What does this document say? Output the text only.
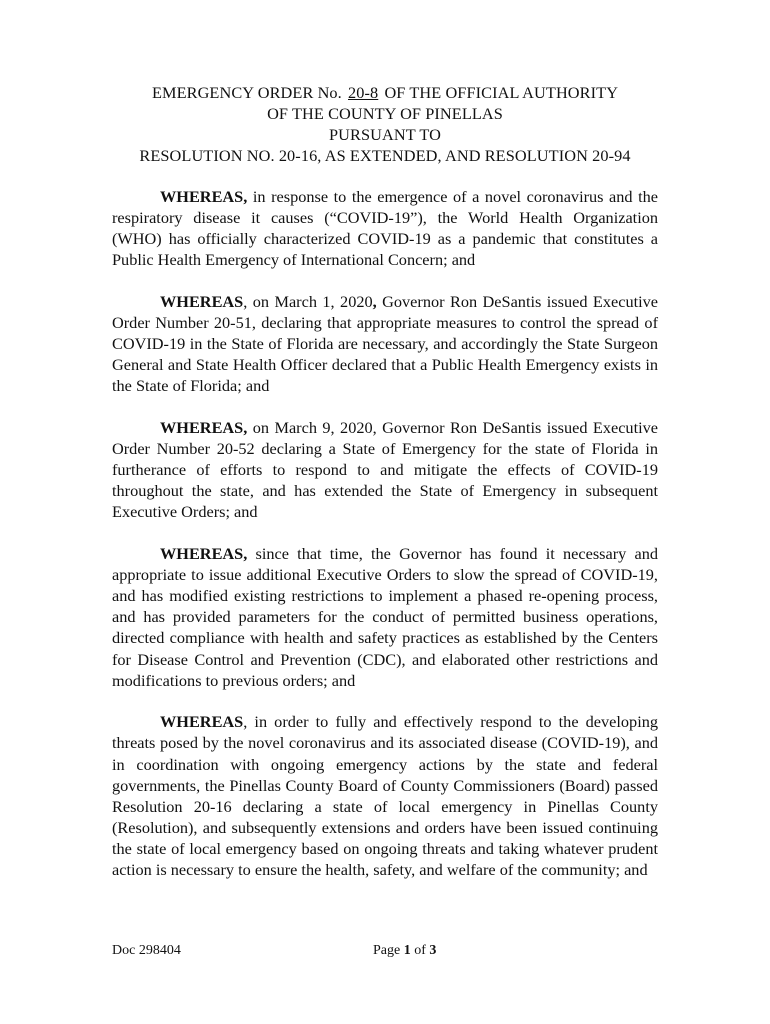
EMERGENCY ORDER No. 20-8 OF THE OFFICIAL AUTHORITY
OF THE COUNTY OF PINELLAS
PURSUANT TO
RESOLUTION NO. 20-16, AS EXTENDED, AND RESOLUTION 20-94

WHEREAS, in response to the emergence of a novel coronavirus and the respiratory disease it causes (“COVID-19”), the World Health Organization (WHO) has officially characterized COVID-19 as a pandemic that constitutes a Public Health Emergency of International Concern; and

WHEREAS, on March 1, 2020, Governor Ron DeSantis issued Executive Order Number 20-51, declaring that appropriate measures to control the spread of COVID-19 in the State of Florida are necessary, and accordingly the State Surgeon General and State Health Officer declared that a Public Health Emergency exists in the State of Florida; and

WHEREAS, on March 9, 2020, Governor Ron DeSantis issued Executive Order Number 20-52 declaring a State of Emergency for the state of Florida in furtherance of efforts to respond to and mitigate the effects of COVID-19 throughout the state, and has extended the State of Emergency in subsequent Executive Orders; and

WHEREAS, since that time, the Governor has found it necessary and appropriate to issue additional Executive Orders to slow the spread of COVID-19, and has modified existing restrictions to implement a phased re-opening process, and has provided parameters for the conduct of permitted business operations, directed compliance with health and safety practices as established by the Centers for Disease Control and Prevention (CDC), and elaborated other restrictions and modifications to previous orders; and

WHEREAS, in order to fully and effectively respond to the developing threats posed by the novel coronavirus and its associated disease (COVID-19), and in coordination with ongoing emergency actions by the state and federal governments, the Pinellas County Board of County Commissioners (Board) passed Resolution 20-16 declaring a state of local emergency in Pinellas County (Resolution), and subsequently extensions and orders have been issued continuing the state of local emergency based on ongoing threats and taking whatever prudent action is necessary to ensure the health, safety, and welfare of the community; and

Doc 298404	Page 1 of 3
